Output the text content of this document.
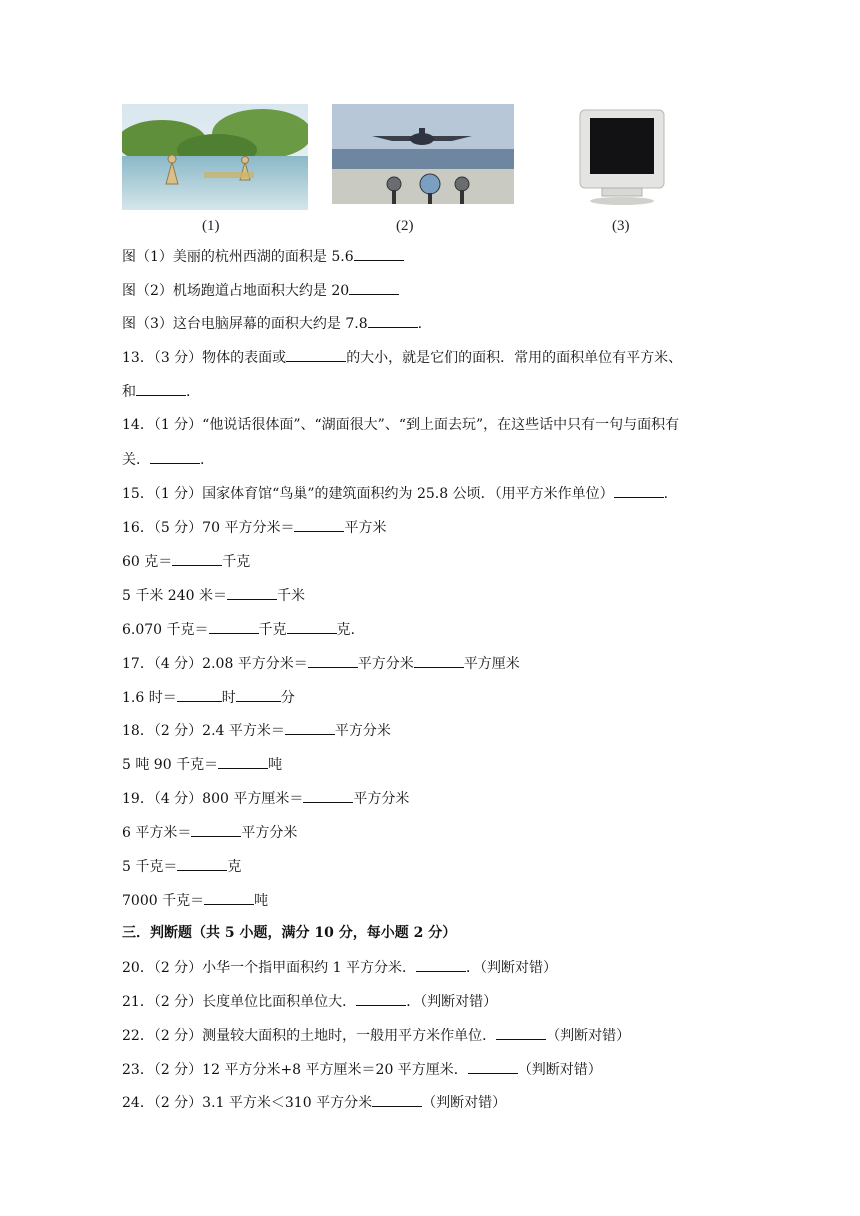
(1)	(2)	(3)
图（1）美丽的杭州西湖的面积是 5.6
图（2）机场跑道占地面积大约是 20
图（3）这台电脑屏幕的面积大约是 7.8	.
13．（3 分）物体的表面或	的大小，就是它们的面积．常用的面积单位有平方米、
和	.
14．（1 分）“他说话很体面”、“湖面很大”、“到上面去玩”，在这些话中只有一句与面积有
关．	.
15．（1 分）国家体育馆“鸟巢”的建筑面积约为 25.8 公顷．（用平方米作单位）	.
16．（5 分）70 平方分米＝	平方米
60 克＝	千克
5 千米 240 米＝	千米
6.070 千克＝	千克	克.
17．（4 分）2.08 平方分米＝	平方分米	平方厘米
1.6 时＝	时	分
18．（2 分）2.4 平方米＝	平方分米
5 吨 90 千克＝	吨
19．（4 分）800 平方厘米＝	平方分米
6 平方米＝	平方分米
5 千克＝	克
7000 千克＝	吨
三．判断题（共 5 小题，满分 10 分，每小题 2 分）
20．（2 分）小华一个指甲面积约 1 平方分米．	．（判断对错）
21．（2 分）长度单位比面积单位大．	．（判断对错）
22．（2 分）测量较大面积的土地时，一般用平方米作单位．	（判断对错）
23．（2 分）12 平方分米+8 平方厘米＝20 平方厘米．	（判断对错）
24．（2 分）3.1 平方米＜310 平方分米	（判断对错）
